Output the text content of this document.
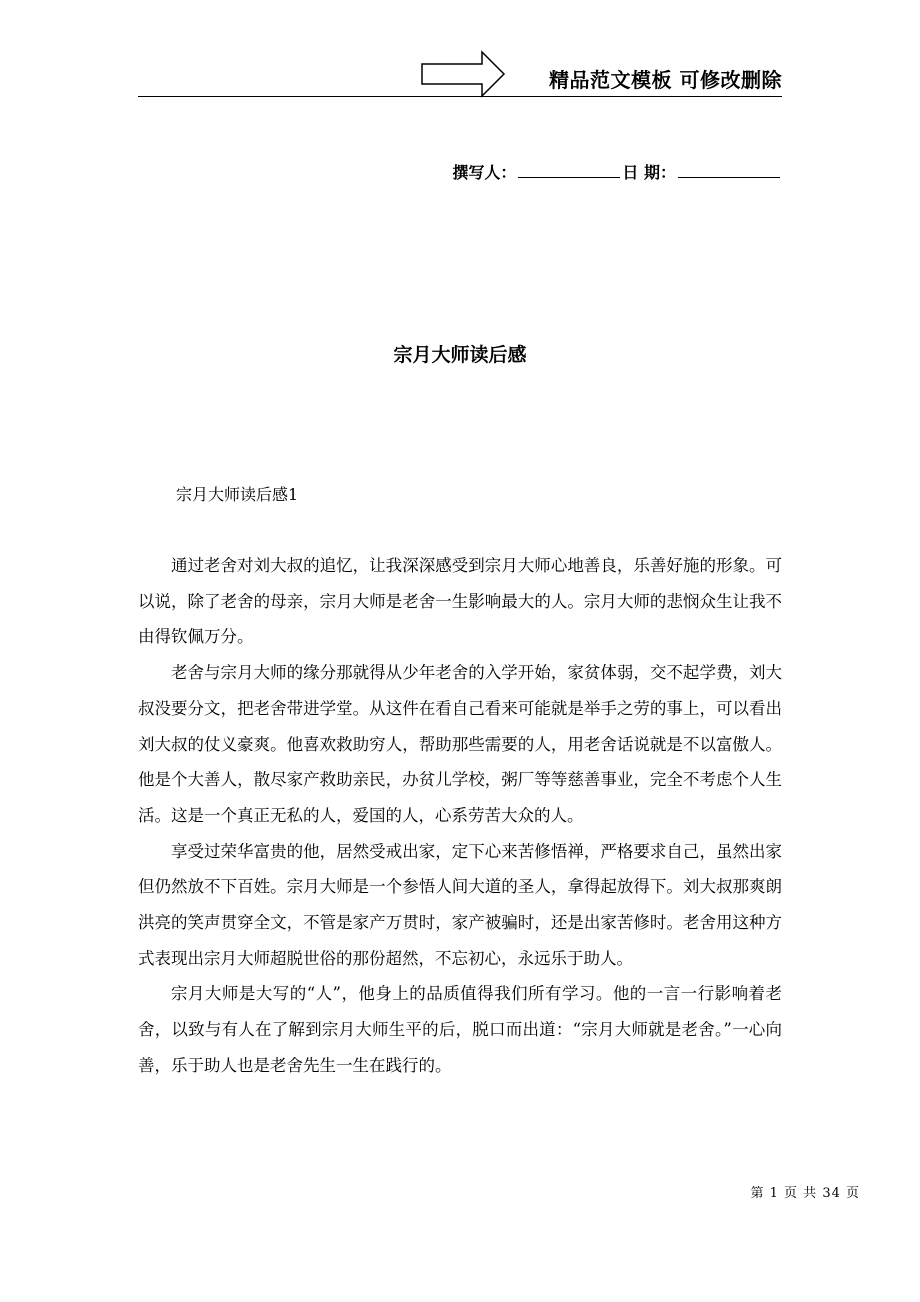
精品范文模板 可修改删除
撰写人：	日 期：
宗月大师读后感
宗月大师读后感1

通过老舍对刘大叔的追忆，让我深深感受到宗月大师心地善良，乐善好施的形象。可以说，除了老舍的母亲，宗月大师是老舍一生影响最大的人。宗月大师的悲悯众生让我不由得钦佩万分。

老舍与宗月大师的缘分那就得从少年老舍的入学开始，家贫体弱，交不起学费，刘大叔没要分文，把老舍带进学堂。从这件在看自己看来可能就是举手之劳的事上，可以看出刘大叔的仗义豪爽。他喜欢救助穷人，帮助那些需要的人，用老舍话说就是不以富傲人。他是个大善人，散尽家产救助亲民，办贫儿学校，粥厂等等慈善事业，完全不考虑个人生活。这是一个真正无私的人，爱国的人，心系劳苦大众的人。

享受过荣华富贵的他，居然受戒出家，定下心来苦修悟禅，严格要求自己，虽然出家但仍然放不下百姓。宗月大师是一个参悟人间大道的圣人，拿得起放得下。刘大叔那爽朗洪亮的笑声贯穿全文，不管是家产万贯时，家产被骗时，还是出家苦修时。老舍用这种方式表现出宗月大师超脱世俗的那份超然，不忘初心，永远乐于助人。

宗月大师是大写的“人”，他身上的品质值得我们所有学习。他的一言一行影响着老舍，以致与有人在了解到宗月大师生平的后，脱口而出道：“宗月大师就是老舍。”一心向善，乐于助人也是老舍先生一生在践行的。

第 1 页 共 34 页
